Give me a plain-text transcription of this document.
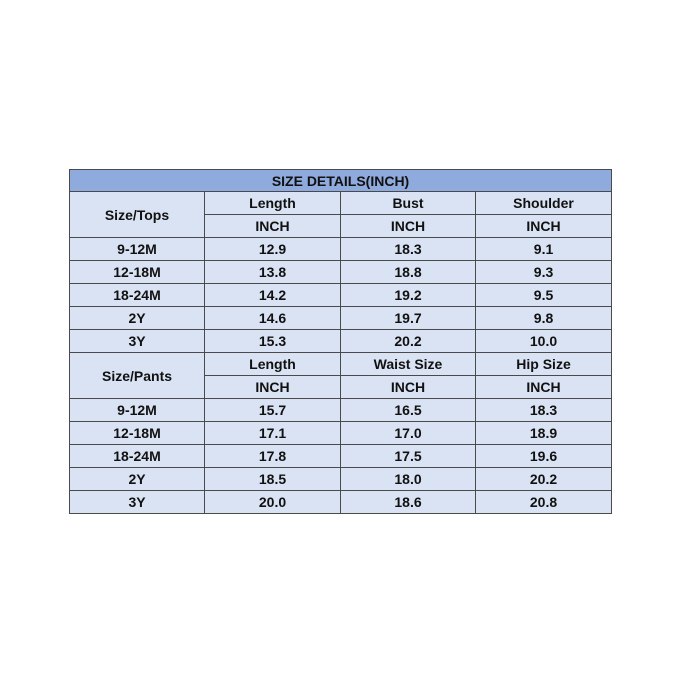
SIZE DETAILS(INCH)			
Size/Tops	Length	Bust	Shoulder
	INCH	INCH	INCH
9-12M	12.9	18.3	9.1
12-18M	13.8	18.8	9.3
18-24M	14.2	19.2	9.5
2Y	14.6	19.7	9.8
3Y	15.3	20.2	10.0
Size/Pants	Length	Waist Size	Hip Size
	INCH	INCH	INCH
9-12M	15.7	16.5	18.3
12-18M	17.1	17.0	18.9
18-24M	17.8	17.5	19.6
2Y	18.5	18.0	20.2
3Y	20.0	18.6	20.8
